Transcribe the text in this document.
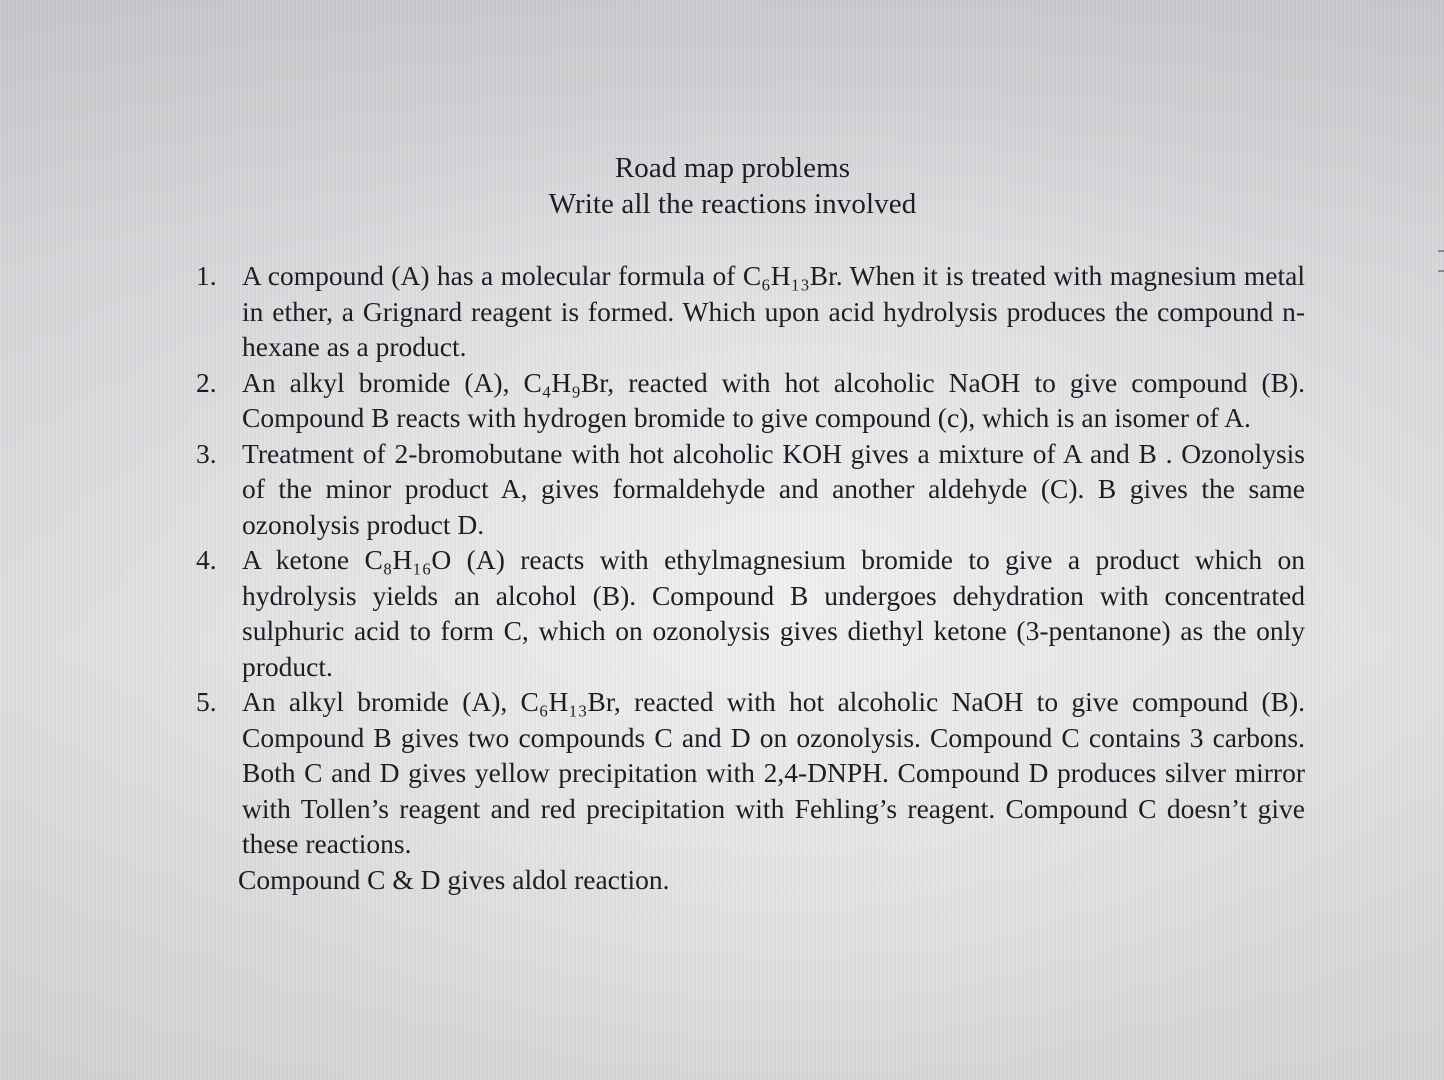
Road map problems
Write all the reactions involved
1. A compound (A) has a molecular formula of C₆H₁₃Br. When it is treated with magnesium metal in ether, a Grignard reagent is formed. Which upon acid hydrolysis produces the compound n-hexane as a product.
2. An alkyl bromide (A), C₄H₉Br, reacted with hot alcoholic NaOH to give compound (B). Compound B reacts with hydrogen bromide to give compound (c), which is an isomer of A.
3. Treatment of 2-bromobutane with hot alcoholic KOH gives a mixture of A and B . Ozonolysis of the minor product A, gives formaldehyde and another aldehyde (C). B gives the same ozonolysis product D.
4. A ketone C₈H₁₆O (A) reacts with ethylmagnesium bromide to give a product which on hydrolysis yields an alcohol (B). Compound B undergoes dehydration with concentrated sulphuric acid to form C, which on ozonolysis gives diethyl ketone (3-pentanone) as the only product.
5. An alkyl bromide (A), C₆H₁₃Br, reacted with hot alcoholic NaOH to give compound (B). Compound B gives two compounds C and D on ozonolysis. Compound C contains 3 carbons. Both C and D gives yellow precipitation with 2,4-DNPH. Compound D produces silver mirror with Tollen’s reagent and red precipitation with Fehling’s reagent. Compound C doesn’t give these reactions.
Compound C & D gives aldol reaction.
